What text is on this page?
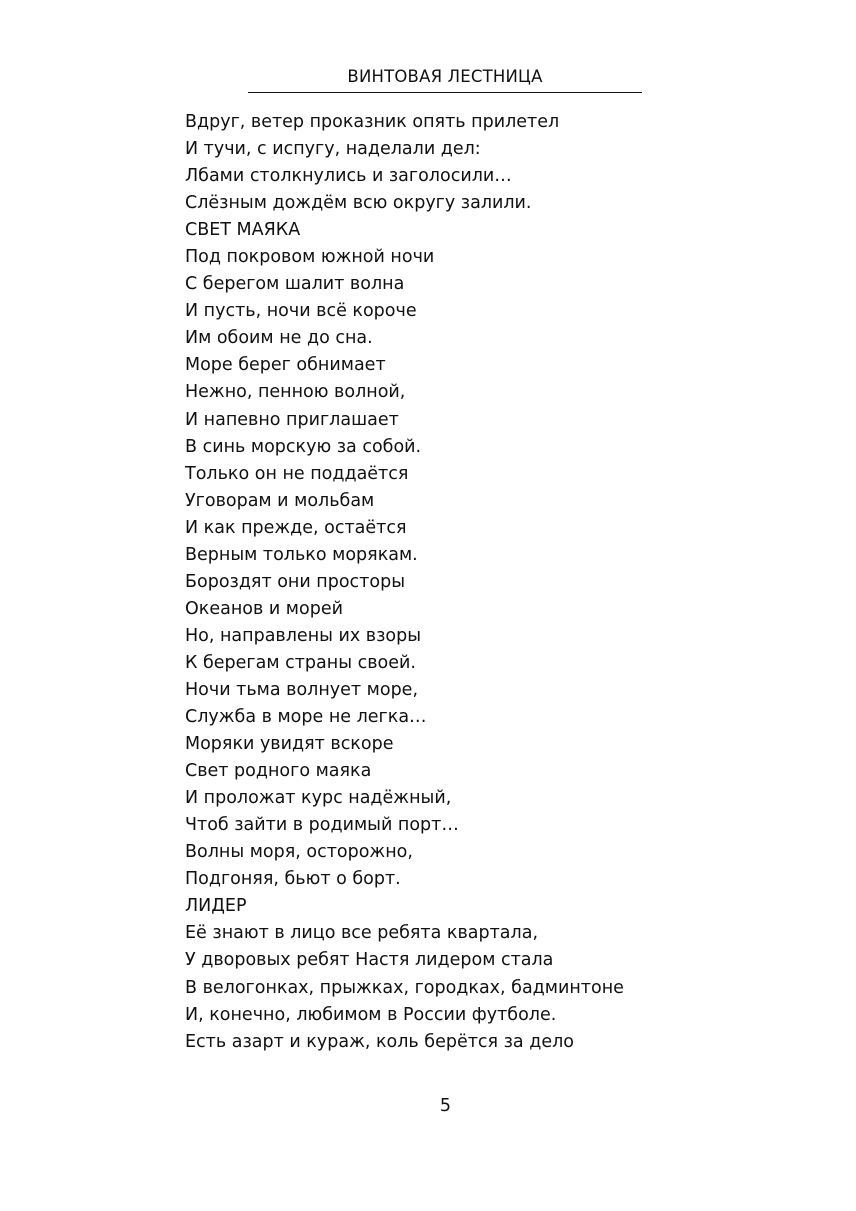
ВИНТОВАЯ ЛЕСТНИЦА
Вдруг, ветер проказник опять прилетел
И тучи, с испугу, наделали дел:
Лбами столкнулись и заголосили…
Слёзным дождём всю округу залили.
СВЕТ МАЯКА
Под покровом южной ночи
С берегом шалит волна
И пусть, ночи всё короче
Им обоим не до сна.
Море берег обнимает
Нежно, пенною волной,
И напевно приглашает
В синь морскую за собой.
Только он не поддаётся
Уговорам и мольбам
И как прежде, остаётся
Верным только морякам.
Бороздят они просторы
Океанов и морей
Но, направлены их взоры
К берегам страны своей.
Ночи тьма волнует море,
Служба в море не легка…
Моряки увидят вскоре
Свет родного маяка
И проложат курс надёжный,
Чтоб зайти в родимый порт…
Волны моря, осторожно,
Подгоняя, бьют о борт.
ЛИДЕР
Её знают в лицо все ребята квартала,
У дворовых ребят Настя лидером стала
В велогонках, прыжках, городках, бадминтоне
И, конечно, любимом в России футболе.
Есть азарт и кураж, коль берётся за дело
5
